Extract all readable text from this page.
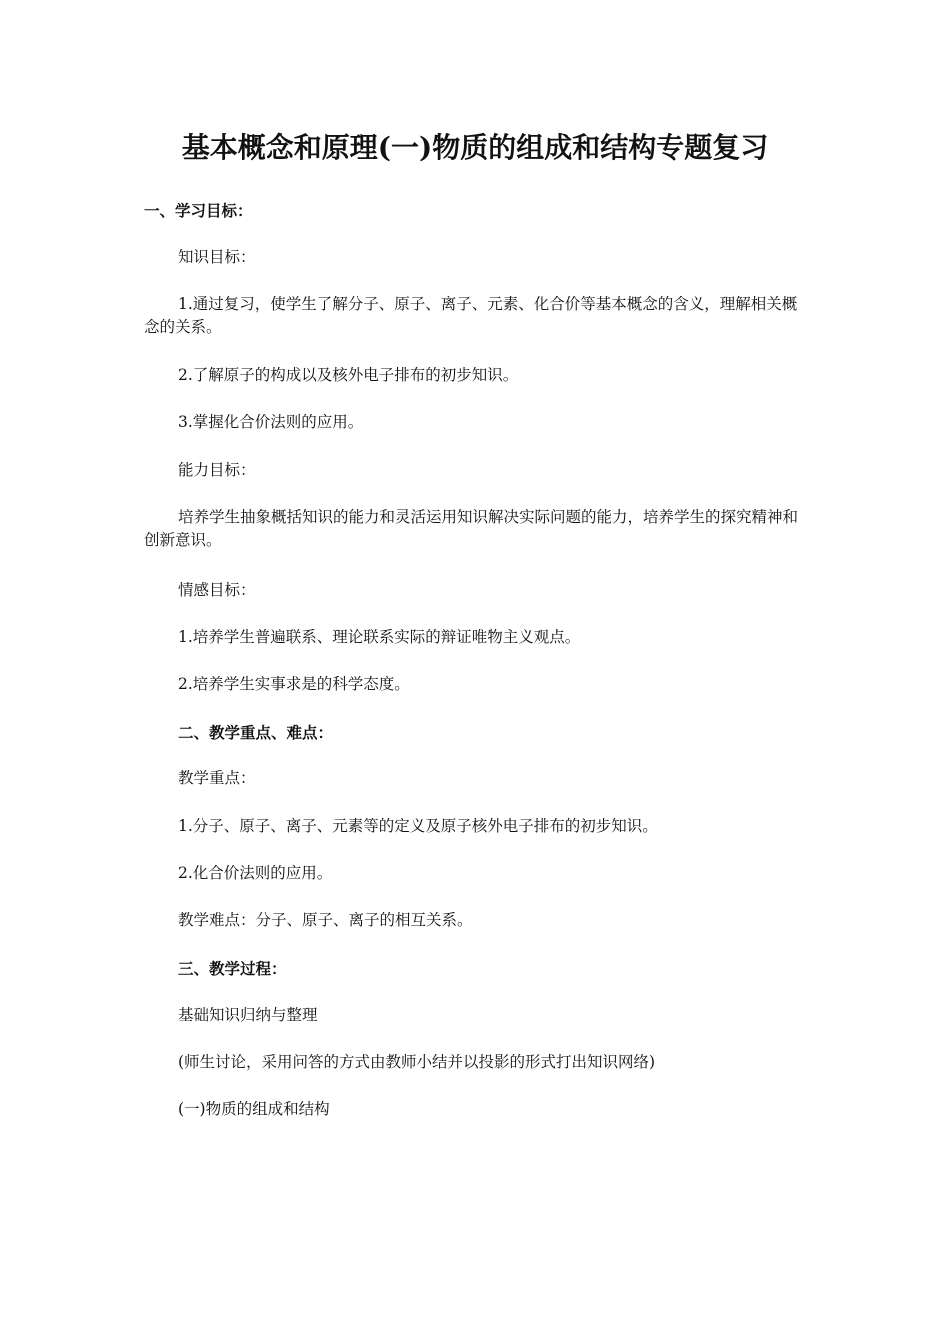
基本概念和原理(一)物质的组成和结构专题复习

一、学习目标：

知识目标：

1.通过复习，使学生了解分子、原子、离子、元素、化合价等基本概念的含义，理解相关概念的关系。

2.了解原子的构成以及核外电子排布的初步知识。

3.掌握化合价法则的应用。

能力目标：

培养学生抽象概括知识的能力和灵活运用知识解决实际问题的能力，培养学生的探究精神和创新意识。

情感目标：

1.培养学生普遍联系、理论联系实际的辩证唯物主义观点。

2.培养学生实事求是的科学态度。

二、教学重点、难点：

教学重点：

1.分子、原子、离子、元素等的定义及原子核外电子排布的初步知识。

2.化合价法则的应用。

教学难点：分子、原子、离子的相互关系。

三、教学过程：

基础知识归纳与整理

(师生讨论，采用问答的方式由教师小结并以投影的形式打出知识网络)

(一)物质的组成和结构
